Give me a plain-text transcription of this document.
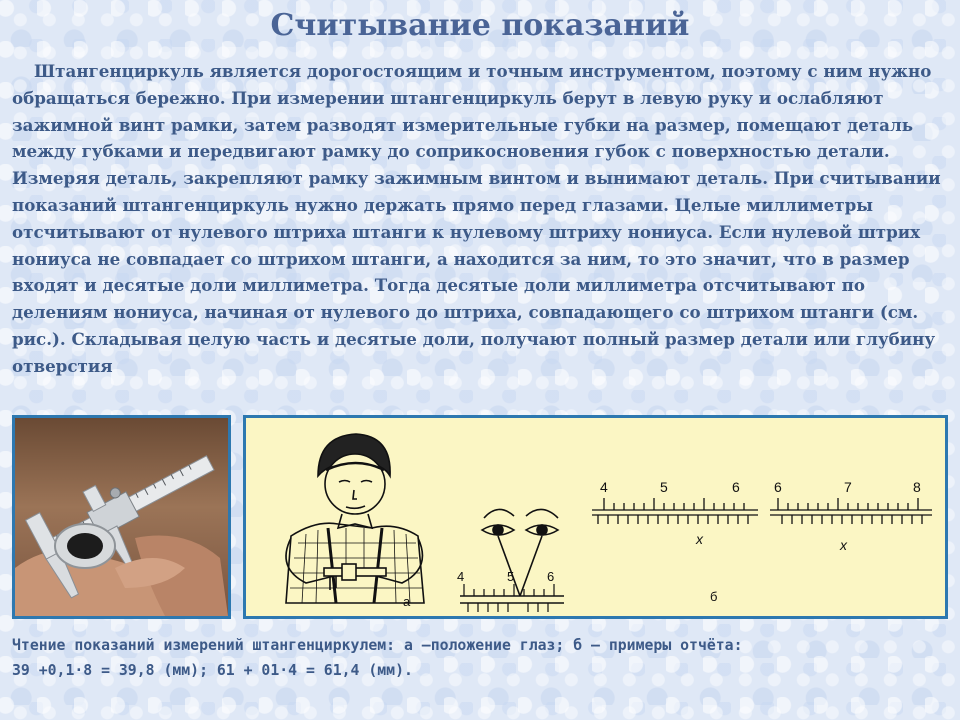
Считывание показаний
Штангенциркуль является дорогостоящим и точным инструментом, поэтому с ним нужно обращаться бережно. При измерении штангенциркуль берут в левую руку и ослабляют зажимной винт рамки, затем разводят измерительные губки на размер, помещают деталь между губками и передвигают рамку до соприкосновения губок с поверхностью детали. Измеряя деталь, закрепляют рамку зажимным винтом и вынимают деталь. При считывании показаний штангенциркуль нужно держать прямо перед глазами. Целые миллиметры отсчитывают от нулевого штриха штанги к нулевому штриху нониуса. Если нулевой штрих нониуса не совпадает со штрихом штанги, а находится за ним, то это значит, что в размер входят и десятые доли миллиметра. Тогда десятые доли миллиметра отсчитывают по делениям нониуса, начиная от нулевого до штриха, совпадающего со штрихом штанги (см. рис.). Складывая целую часть и десятые доли, получают полный размер детали или глубину отверстия
а
4	5	6
б
4	5	6
x
6	7	8
x
Чтение показаний измерений штангенциркулем: а –положение глаз; б – примеры отчёта:
39 +0,1·8 = 39,8 (мм); 61 + 01·4 = 61,4 (мм).
